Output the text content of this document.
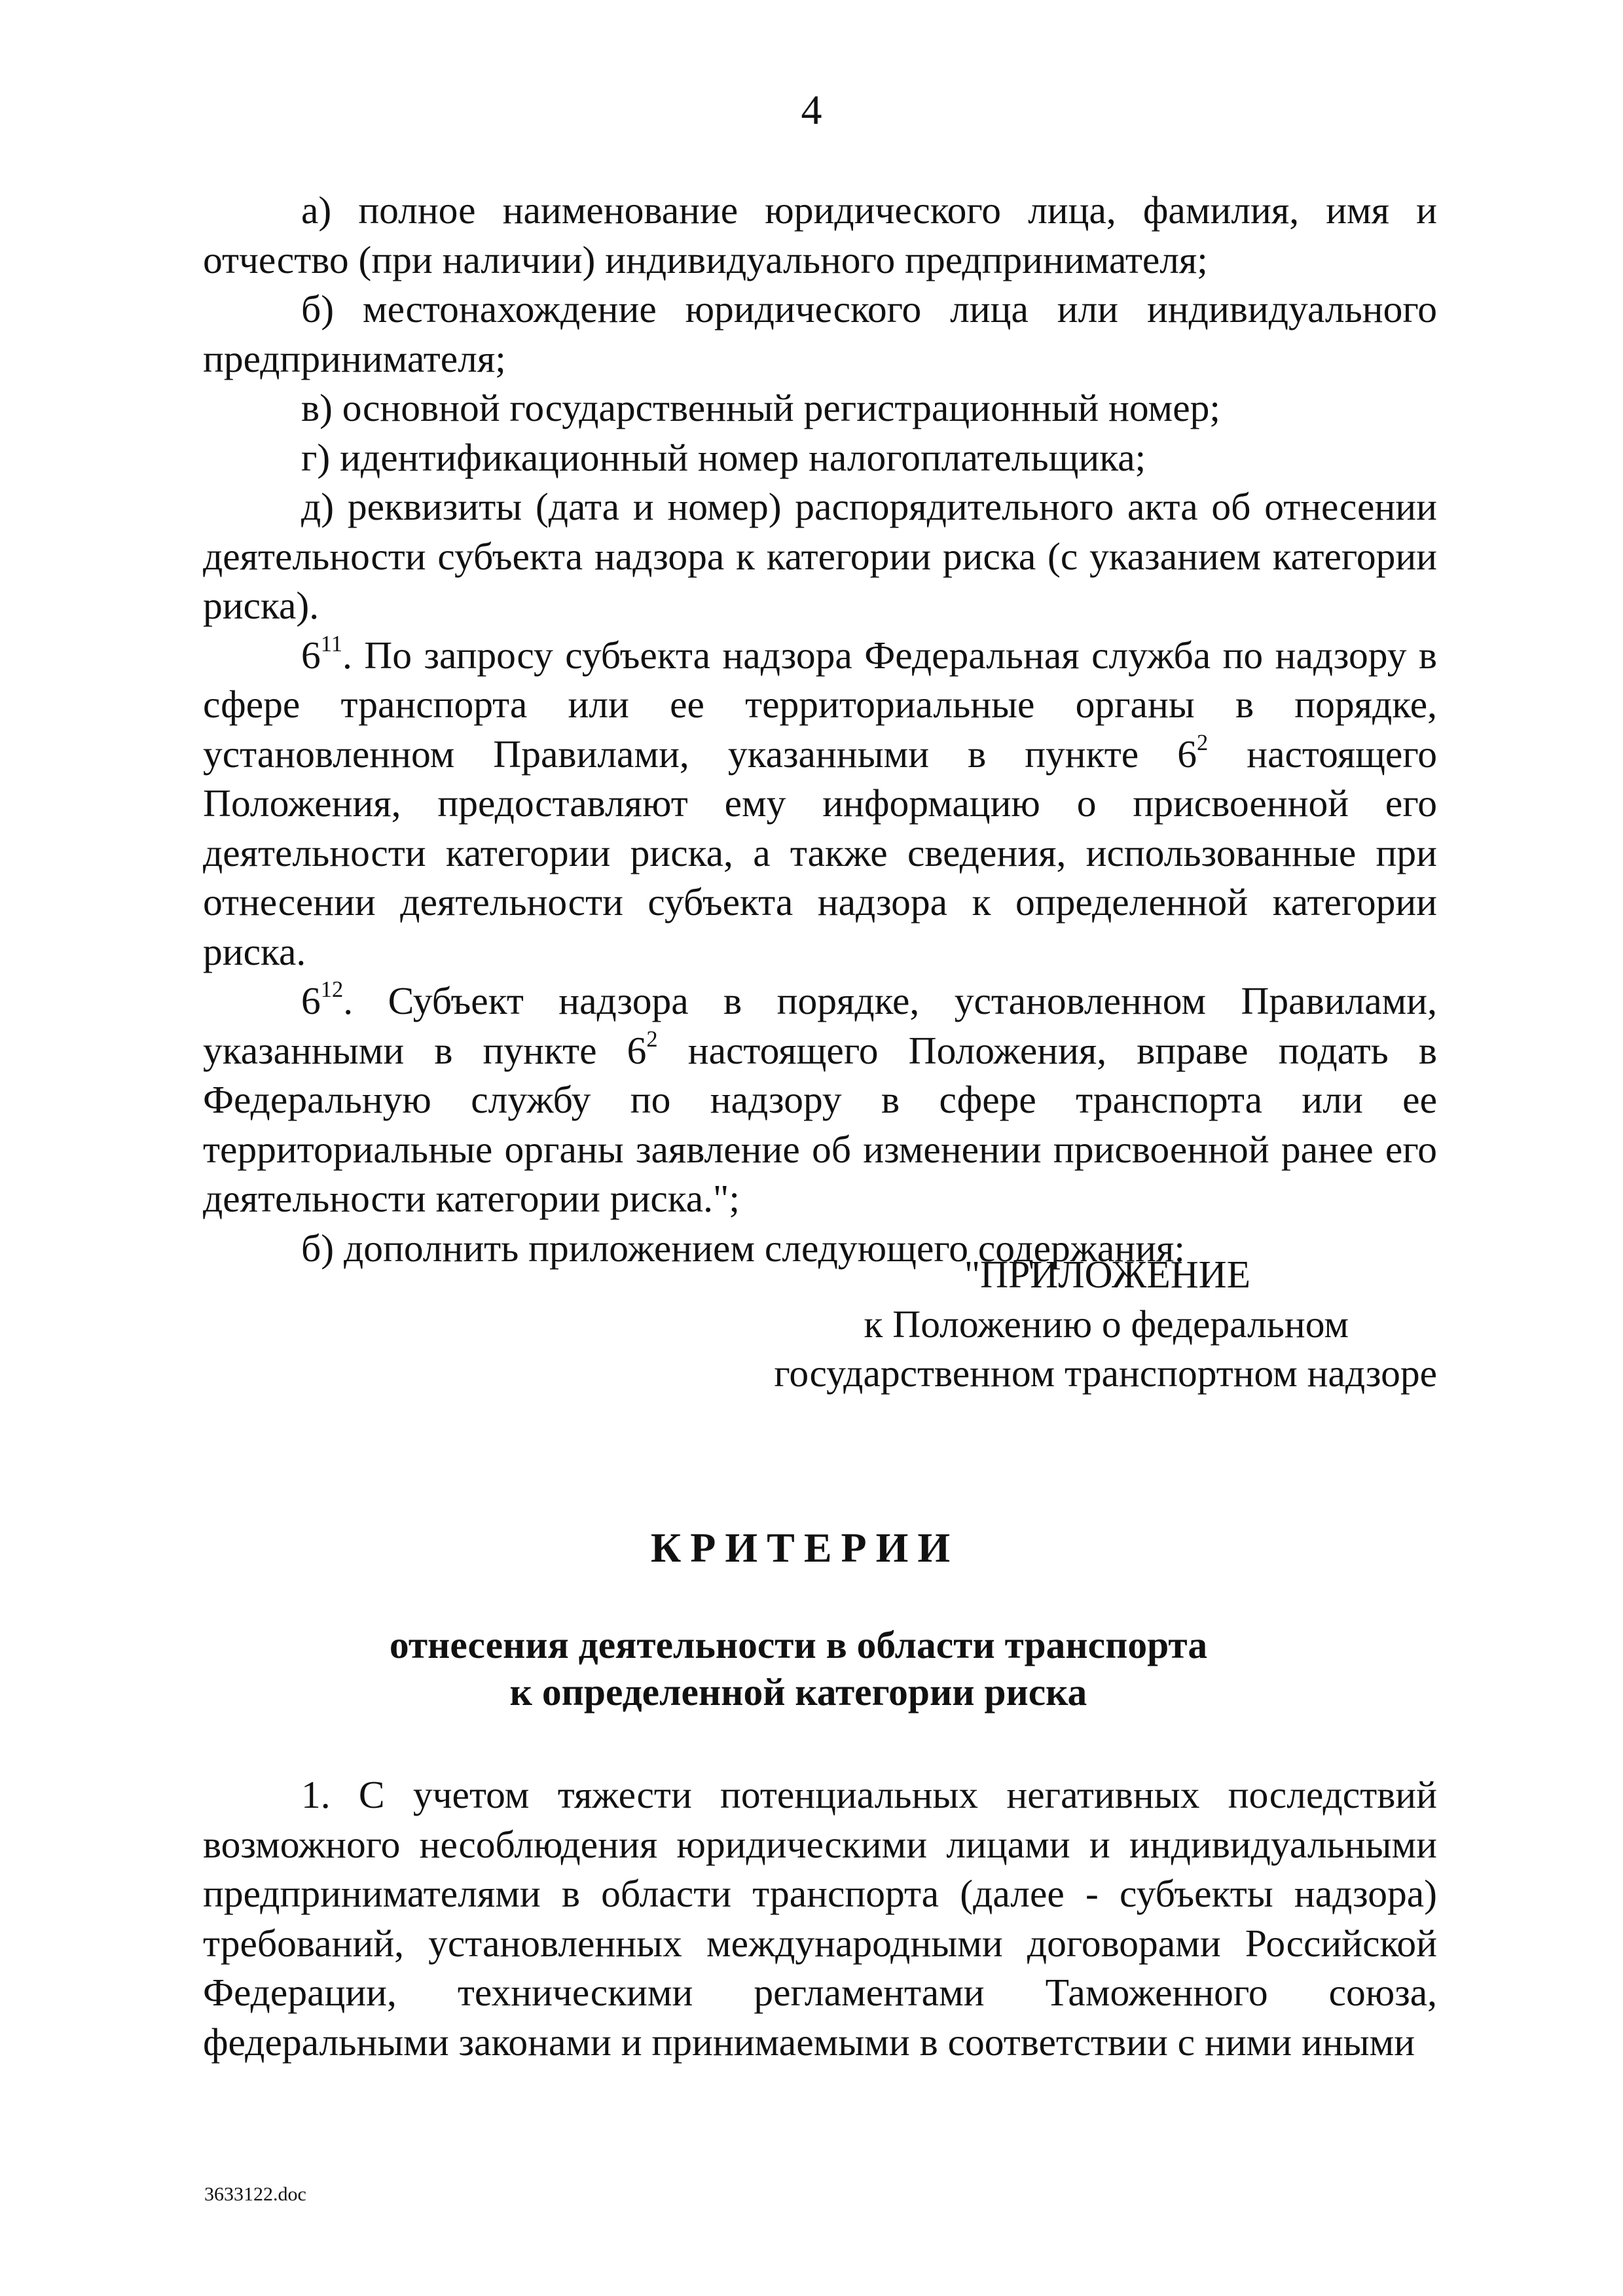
4

а) полное наименование юридического лица, фамилия, имя и отчество (при наличии) индивидуального предпринимателя;

б) местонахождение юридического лица или индивидуального предпринимателя;

в) основной государственный регистрационный номер;

г) идентификационный номер налогоплательщика;

д) реквизиты (дата и номер) распорядительного акта об отнесении деятельности субъекта надзора к категории риска (с указанием категории риска).

$6^{11}$. По запросу субъекта надзора Федеральная служба по надзору в сфере транспорта или ее территориальные органы в порядке, установленном Правилами, указанными в пункте $6^2$ настоящего Положения, предоставляют ему информацию о присвоенной его деятельности категории риска, а также сведения, использованные при отнесении деятельности субъекта надзора к определенной категории риска.

$6^{12}$. Субъект надзора в порядке, установленном Правилами, указанными в пункте $6^2$ настоящего Положения, вправе подать в Федеральную службу по надзору в сфере транспорта или ее территориальные органы заявление об изменении присвоенной ранее его деятельности категории риска.";

б) дополнить приложением следующего содержания:

"ПРИЛОЖЕНИЕ
к Положению о федеральном
государственном транспортном надзоре
КРИТЕРИИ
отнесения деятельности в области транспорта
к определенной категории риска

1. С учетом тяжести потенциальных негативных последствий возможного несоблюдения юридическими лицами и индивидуальными предпринимателями в области транспорта (далее - субъекты надзора) требований, установленных международными договорами Российской Федерации, техническими регламентами Таможенного союза, федеральными законами и принимаемыми в соответствии с ними иными

3633122.doc
